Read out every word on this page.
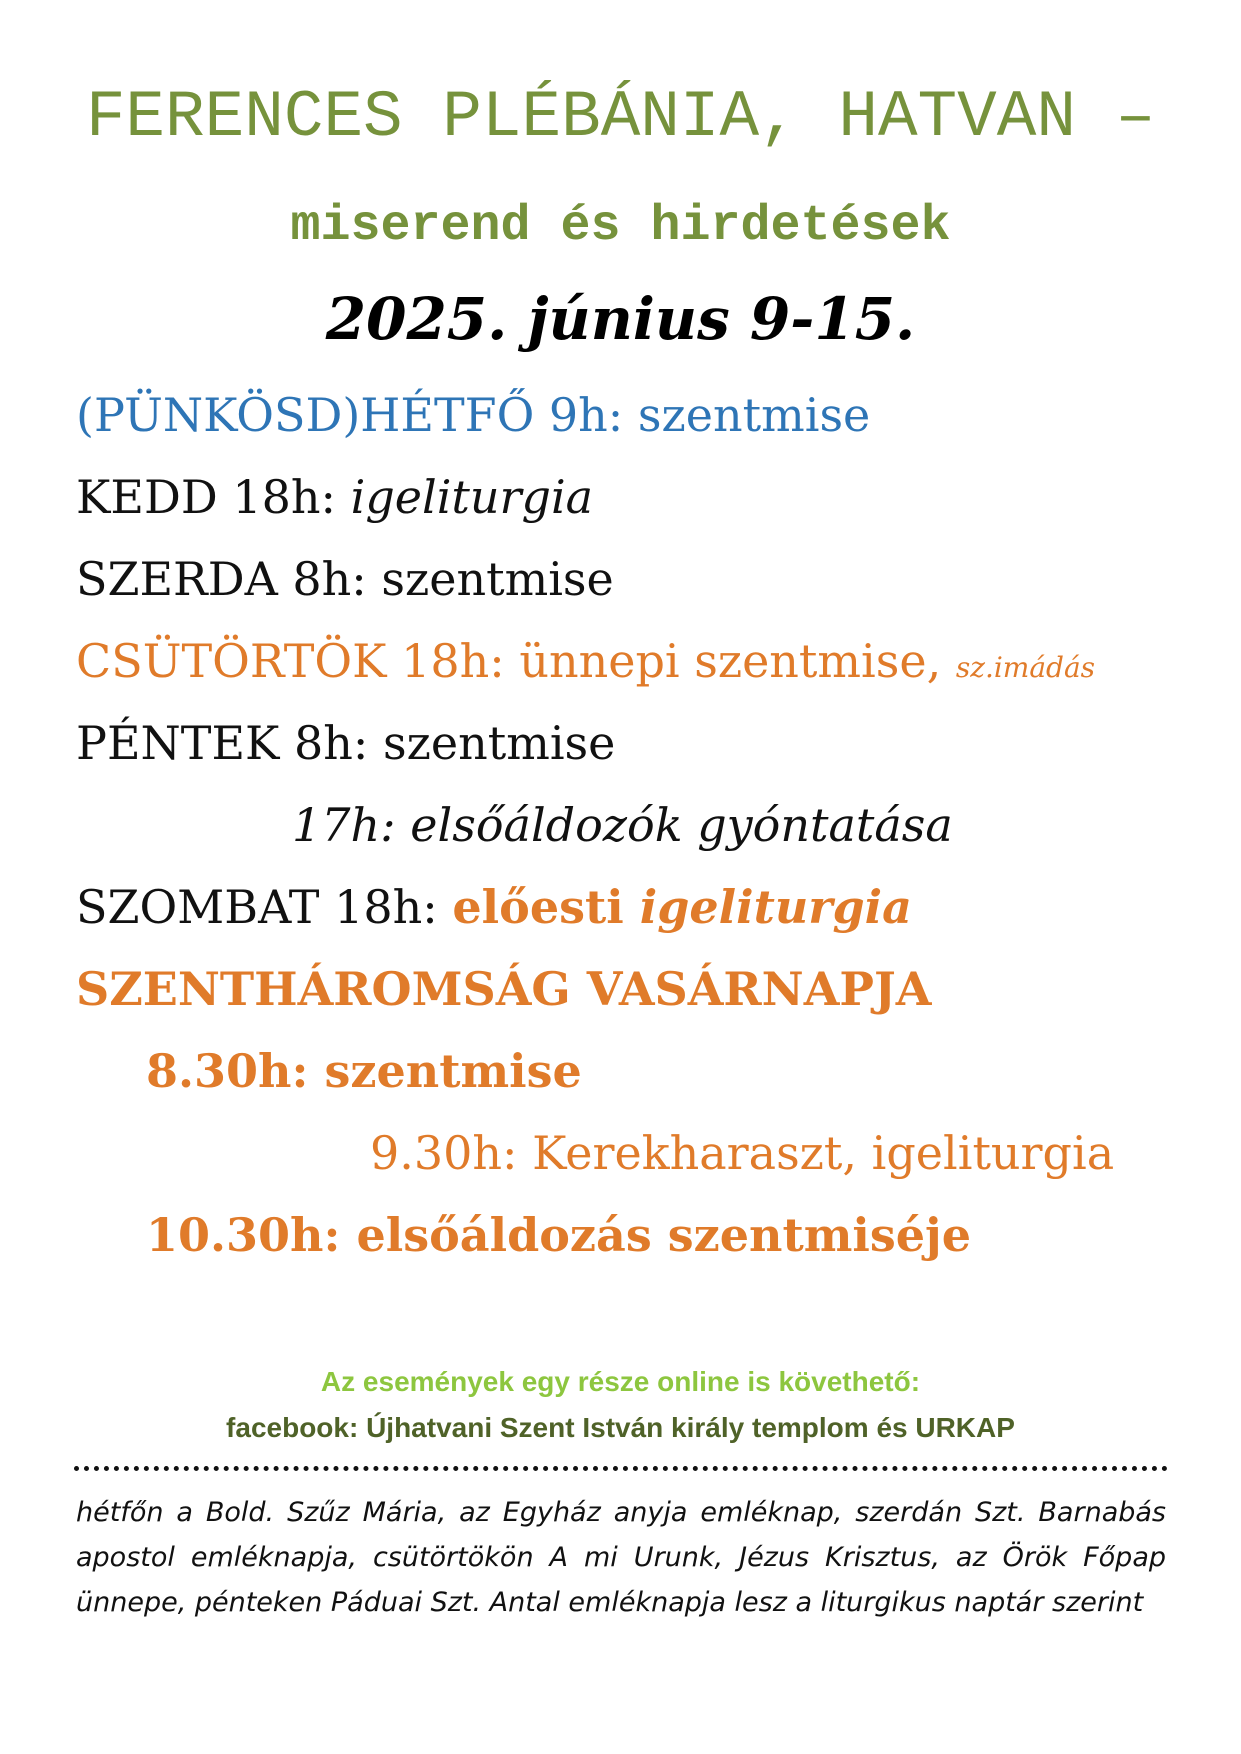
FERENCES PLÉBÁNIA, HATVAN –
miserend és hirdetések
2025. június 9-15.
(PÜNKÖSD)HÉTFŐ 9h: szentmise
KEDD 18h: igeliturgia
SZERDA 8h: szentmise
CSÜTÖRTÖK 18h: ünnepi szentmise, sz.imádás
PÉNTEK 8h: szentmise
17h: elsőáldozók gyóntatása
SZOMBAT 18h: előesti igeliturgia
SZENTHÁROMSÁG VASÁRNAPJA
8.30h: szentmise
9.30h: Kerekharaszt, igeliturgia
10.30h: elsőáldozás szentmiséje
Az események egy része online is követhető:
facebook: Újhatvani Szent István király templom és URKAP
hétfőn a Bold. Szűz Mária, az Egyház anyja emléknap, szerdán Szt. Barnabás apostol emléknapja, csütörtökön A mi Urunk, Jézus Krisztus, az Örök Főpap ünnepe, pénteken Páduai Szt. Antal emléknapja lesz a liturgikus naptár szerint
